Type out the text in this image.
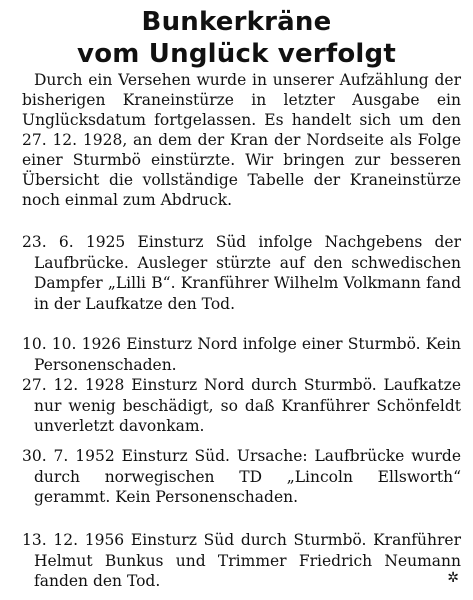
Bunkerkräne
vom Unglück verfolgt
Durch ein Versehen wurde in unserer Aufzählung der bisherigen Kraneinstürze in letzter Ausgabe ein Unglücksdatum fortgelassen. Es handelt sich um den 27. 12. 1928, an dem der Kran der Nordseite als Folge einer Sturmbö einstürzte. Wir bringen zur besseren Übersicht die vollständige Tabelle der Kraneinstürze noch einmal zum Abdruck.
23. 6. 1925 Einsturz Süd infolge Nachgebens der Laufbrücke. Ausleger stürzte auf den schwedischen Dampfer „Lilli B“. Kranführer Wilhelm Volkmann fand in der Laufkatze den Tod.
10. 10. 1926 Einsturz Nord infolge einer Sturmbö. Kein Personenschaden.
27. 12. 1928 Einsturz Nord durch Sturmbö. Laufkatze nur wenig beschädigt, so daß Kranführer Schönfeldt unverletzt davonkam.
30. 7. 1952 Einsturz Süd. Ursache: Laufbrücke wurde durch norwegischen TD „Lincoln Ellsworth“ gerammt. Kein Personenschaden.
13. 12. 1956 Einsturz Süd durch Sturmbö. Kranführer Helmut Bunkus und Trimmer Friedrich Neumann fanden den Tod.	✲
